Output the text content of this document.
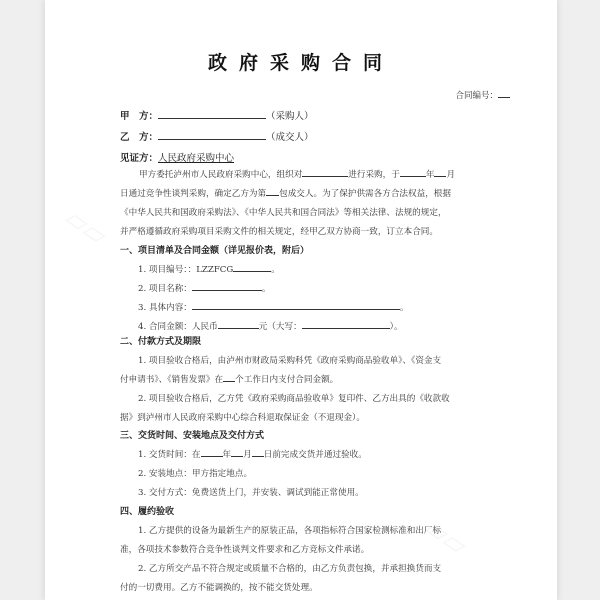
政府采购合同
合同编号：
甲　方：	（采购人）
乙　方：	（成交人）
见证方：人民政府采购中心
甲方委托泸州市人民政府采购中心，组织对	进行采购，于	年 月
日通过竞争性谈判采购，确定乙方为第 包成交人。为了保护供需各方合法权益，根据
《中华人民共和国政府采购法》、《中华人民共和国合同法》等相关法律、法规的规定，
并严格遵循政府采购项目采购文件的相关规定，经甲乙双方协商一致，订立本合同。
一、项目清单及合同金额（详见报价表，附后）
1. 项目编号：：LZZFCG	。
2. 项目名称：	。
3. 具体内容：	。
4. 合同金额：人民币	元（大写：	）。
二、付款方式及期限
1. 项目验收合格后，由泸州市财政局采购科凭《政府采购商品验收单》、《资金支
付申请书》、《销售发票》在 个工作日内支付合同金额。
2. 项目验收合格后，乙方凭《政府采购商品验收单》复印件、乙方出具的《收款收
据》到泸州市人民政府采购中心综合科退取保证金（不退现金）。
三、交货时间、安装地点及交付方式
1. 交货时间：在	年 月 日前完成交货并通过验收。
2. 安装地点：甲方指定地点。
3. 交付方式：免费送货上门，并安装、调试到能正常使用。
四、履约验收
1. 乙方提供的设备为最新生产的原装正品，各项指标符合国家检测标准和出厂标
准，各项技术参数符合竞争性谈判文件要求和乙方竞标文件承诺。
2. 乙方所交产品不符合规定或质量不合格的，由乙方负责包换，并承担换货而支
付的一切费用。乙方不能调换的，按不能交货处理。
